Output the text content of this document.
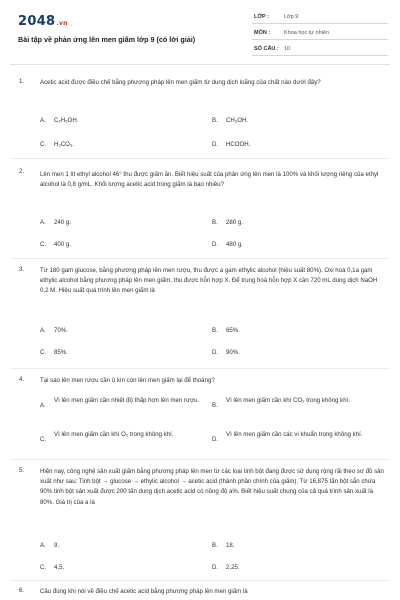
2048.vn
Bài tập về phản ứng lên men giấm lớp 9 (có lời giải)
LỚP :	Lớp 9
MÔN :	Khoa học tự nhiên
SỐ CÂU : 10
1.	Acetic acid được điều chế bằng phương pháp lên men giấm từ dung dịch loãng của chất nào dưới đây?
A. C₂H₅OH.	B. CH₃OH.
C. H₂CO₃.	D. HCOOH.
2.	Lên men 1 lít ethyl alcohol 46° thu được giấm ăn. Biết hiệu suất của phản ứng lên men là 100% và khối lượng riêng của ethyl alcohol là 0,8 g/mL. Khối lượng acetic acid trong giấm là bao nhiêu?
A. 240 g.	B. 280 g.
C. 400 g.	D. 480 g.
3.	Từ 180 gam glucose, bằng phương pháp lên men rượu, thu được a gam ethylic alcohol (hiệu suất 80%). Oxi hoá 0,1a gam ethylic alcohol bằng phương pháp lên men giấm, thu được hỗn hợp X. Để trung hoà hỗn hợp X cần 720 mL dung dịch NaOH 0,2 M. Hiệu suất quá trình lên men giấm là
A. 70%.	B. 65%.
C. 85%.	D. 90%.
4.	Tại sao lên men rượu cần ủ kín còn lên men giấm lại để thoáng?
A.
Vì lên men giấm cần nhiệt độ thấp hơn lên men rượu.
B.
Vì lên men giấm cần khí CO₂ trong không khí.
C.
Vì lên men giấm cần khí O₂ trong không khí.
D.
Vì lên men giấm cần các vi khuẩn trong không khí.
5.	Hiện nay, công nghệ sản xuất giấm bằng phương pháp lên men từ các loại tinh bột đang được sử dụng rộng rãi theo sơ đồ sản xuất như sau: Tinh bột → glucose → ethylic alcohol → acetic acid (thành phần chính của giấm). Từ 16,875 tấn bột sắn chứa 90% tinh bột sản xuất được 200 tấn dung dịch acetic acid có nồng độ a%. Biết hiệu suất chung của cả quá trình sản xuất là 80%. Giá trị của a là
A. 9.	B. 18.
C. 4,5.	D. 2,25.
6.	Câu đúng khi nói về điều chế acetic acid bằng phương pháp lên men giấm là
